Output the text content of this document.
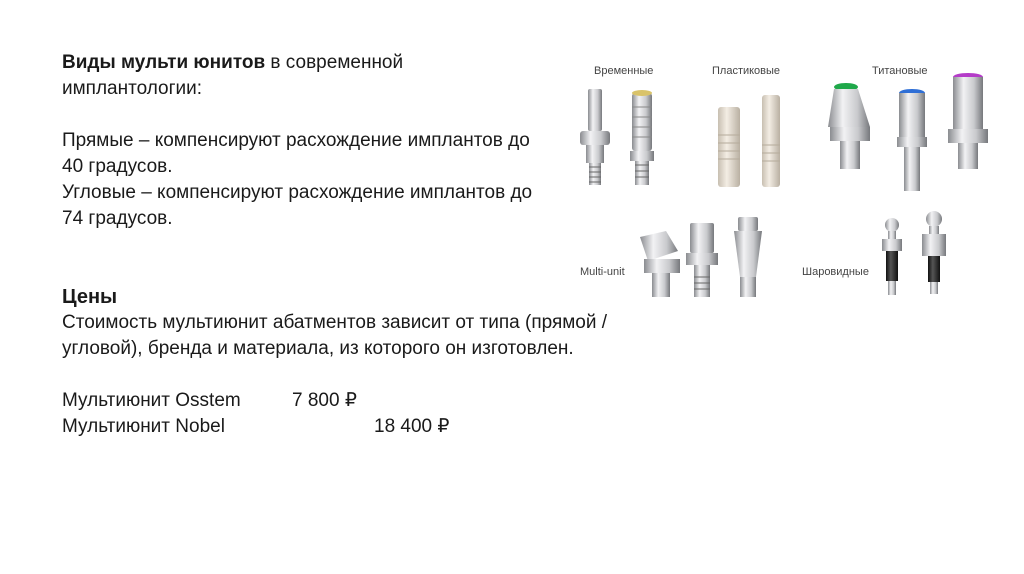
Виды мульти юнитов в современной

имплантологии:

Прямые – компенсируют расхождение имплантов до

40 градусов.

Угловые – компенсируют расхождение имплантов до

74 градусов.

Цены

Стоимость мультиюнит абатментов зависит от типа (прямой /

угловой), бренда и материала, из которого он изготовлен.

Мультиюнит Osstem	7 800 ₽
Мультиюнит Nobel	18 400 ₽
Временные	Пластиковые	Титановые
Multi-unit	Шаровидные
